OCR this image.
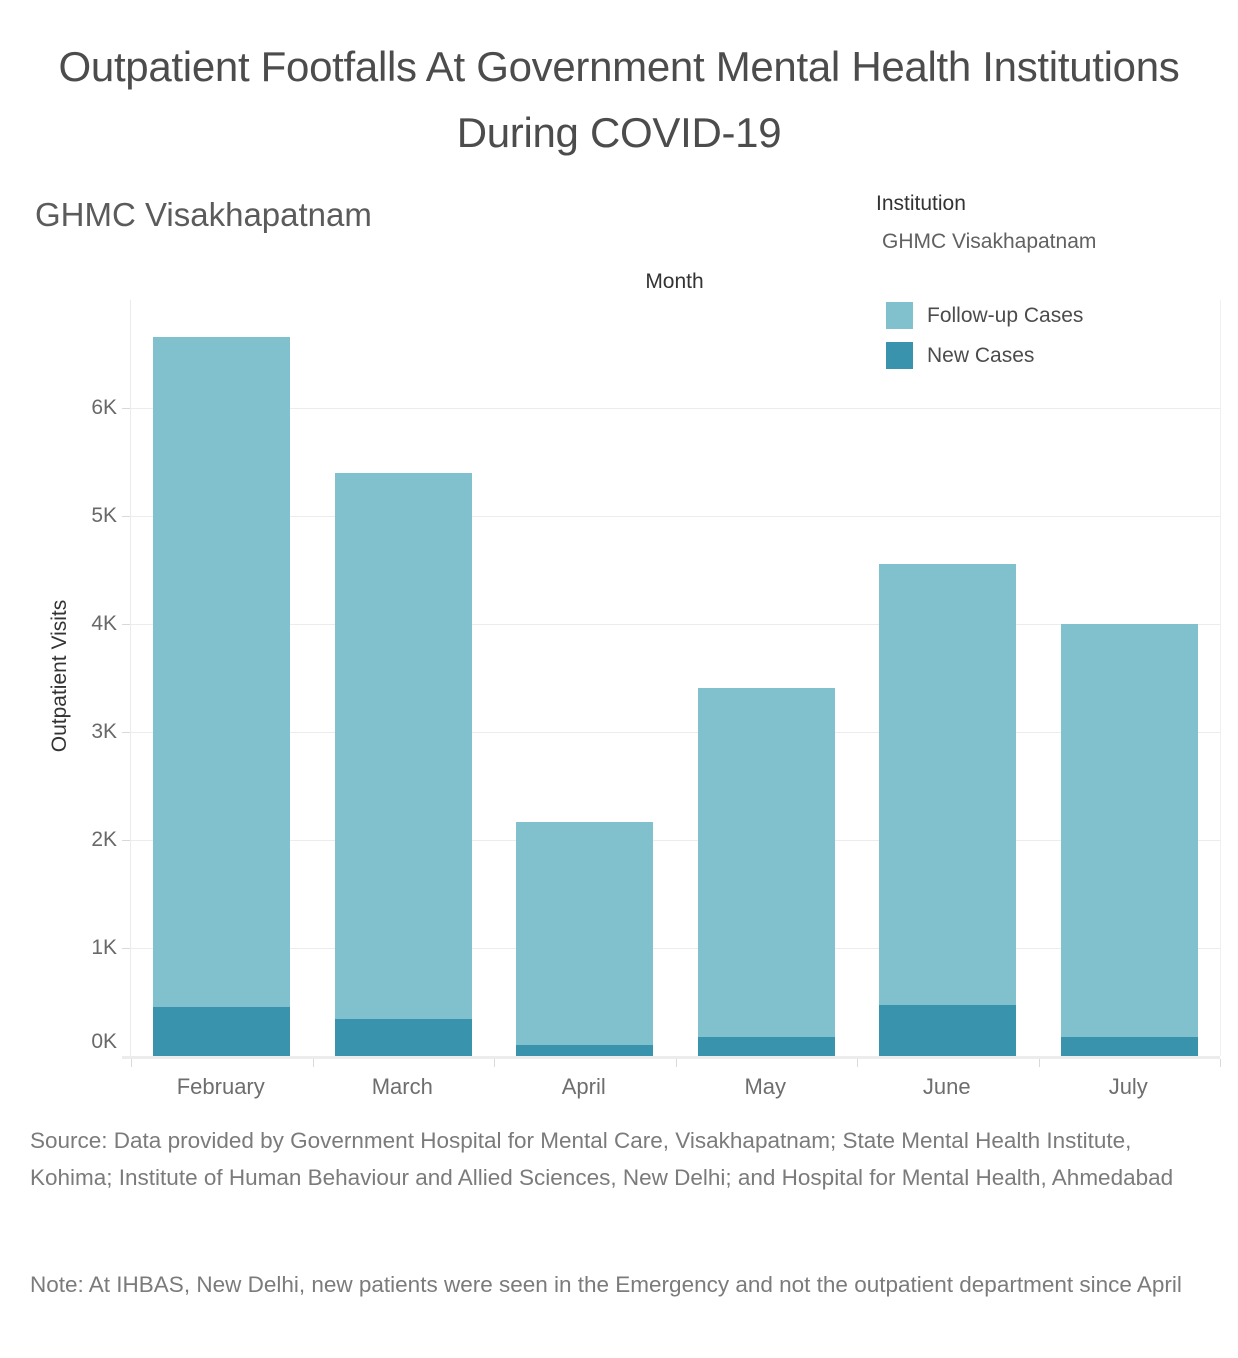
Outpatient Footfalls At Government Mental Health Institutions During COVID-19
GHMC Visakhapatnam	Institution
GHMC Visakhapatnam
Follow-up Cases
New Cases
Month
Outpatient Visits
0K
1K
2K
3K
4K
5K
6K
February	March	April	May	June	July
Source: Data provided by Government Hospital for Mental Care, Visakhapatnam; State Mental Health Institute, Kohima; Institute of Human Behaviour and Allied Sciences, New Delhi; and Hospital for Mental Health, Ahmedabad
Note: At IHBAS, New Delhi, new patients were seen in the Emergency and not the outpatient department since April
